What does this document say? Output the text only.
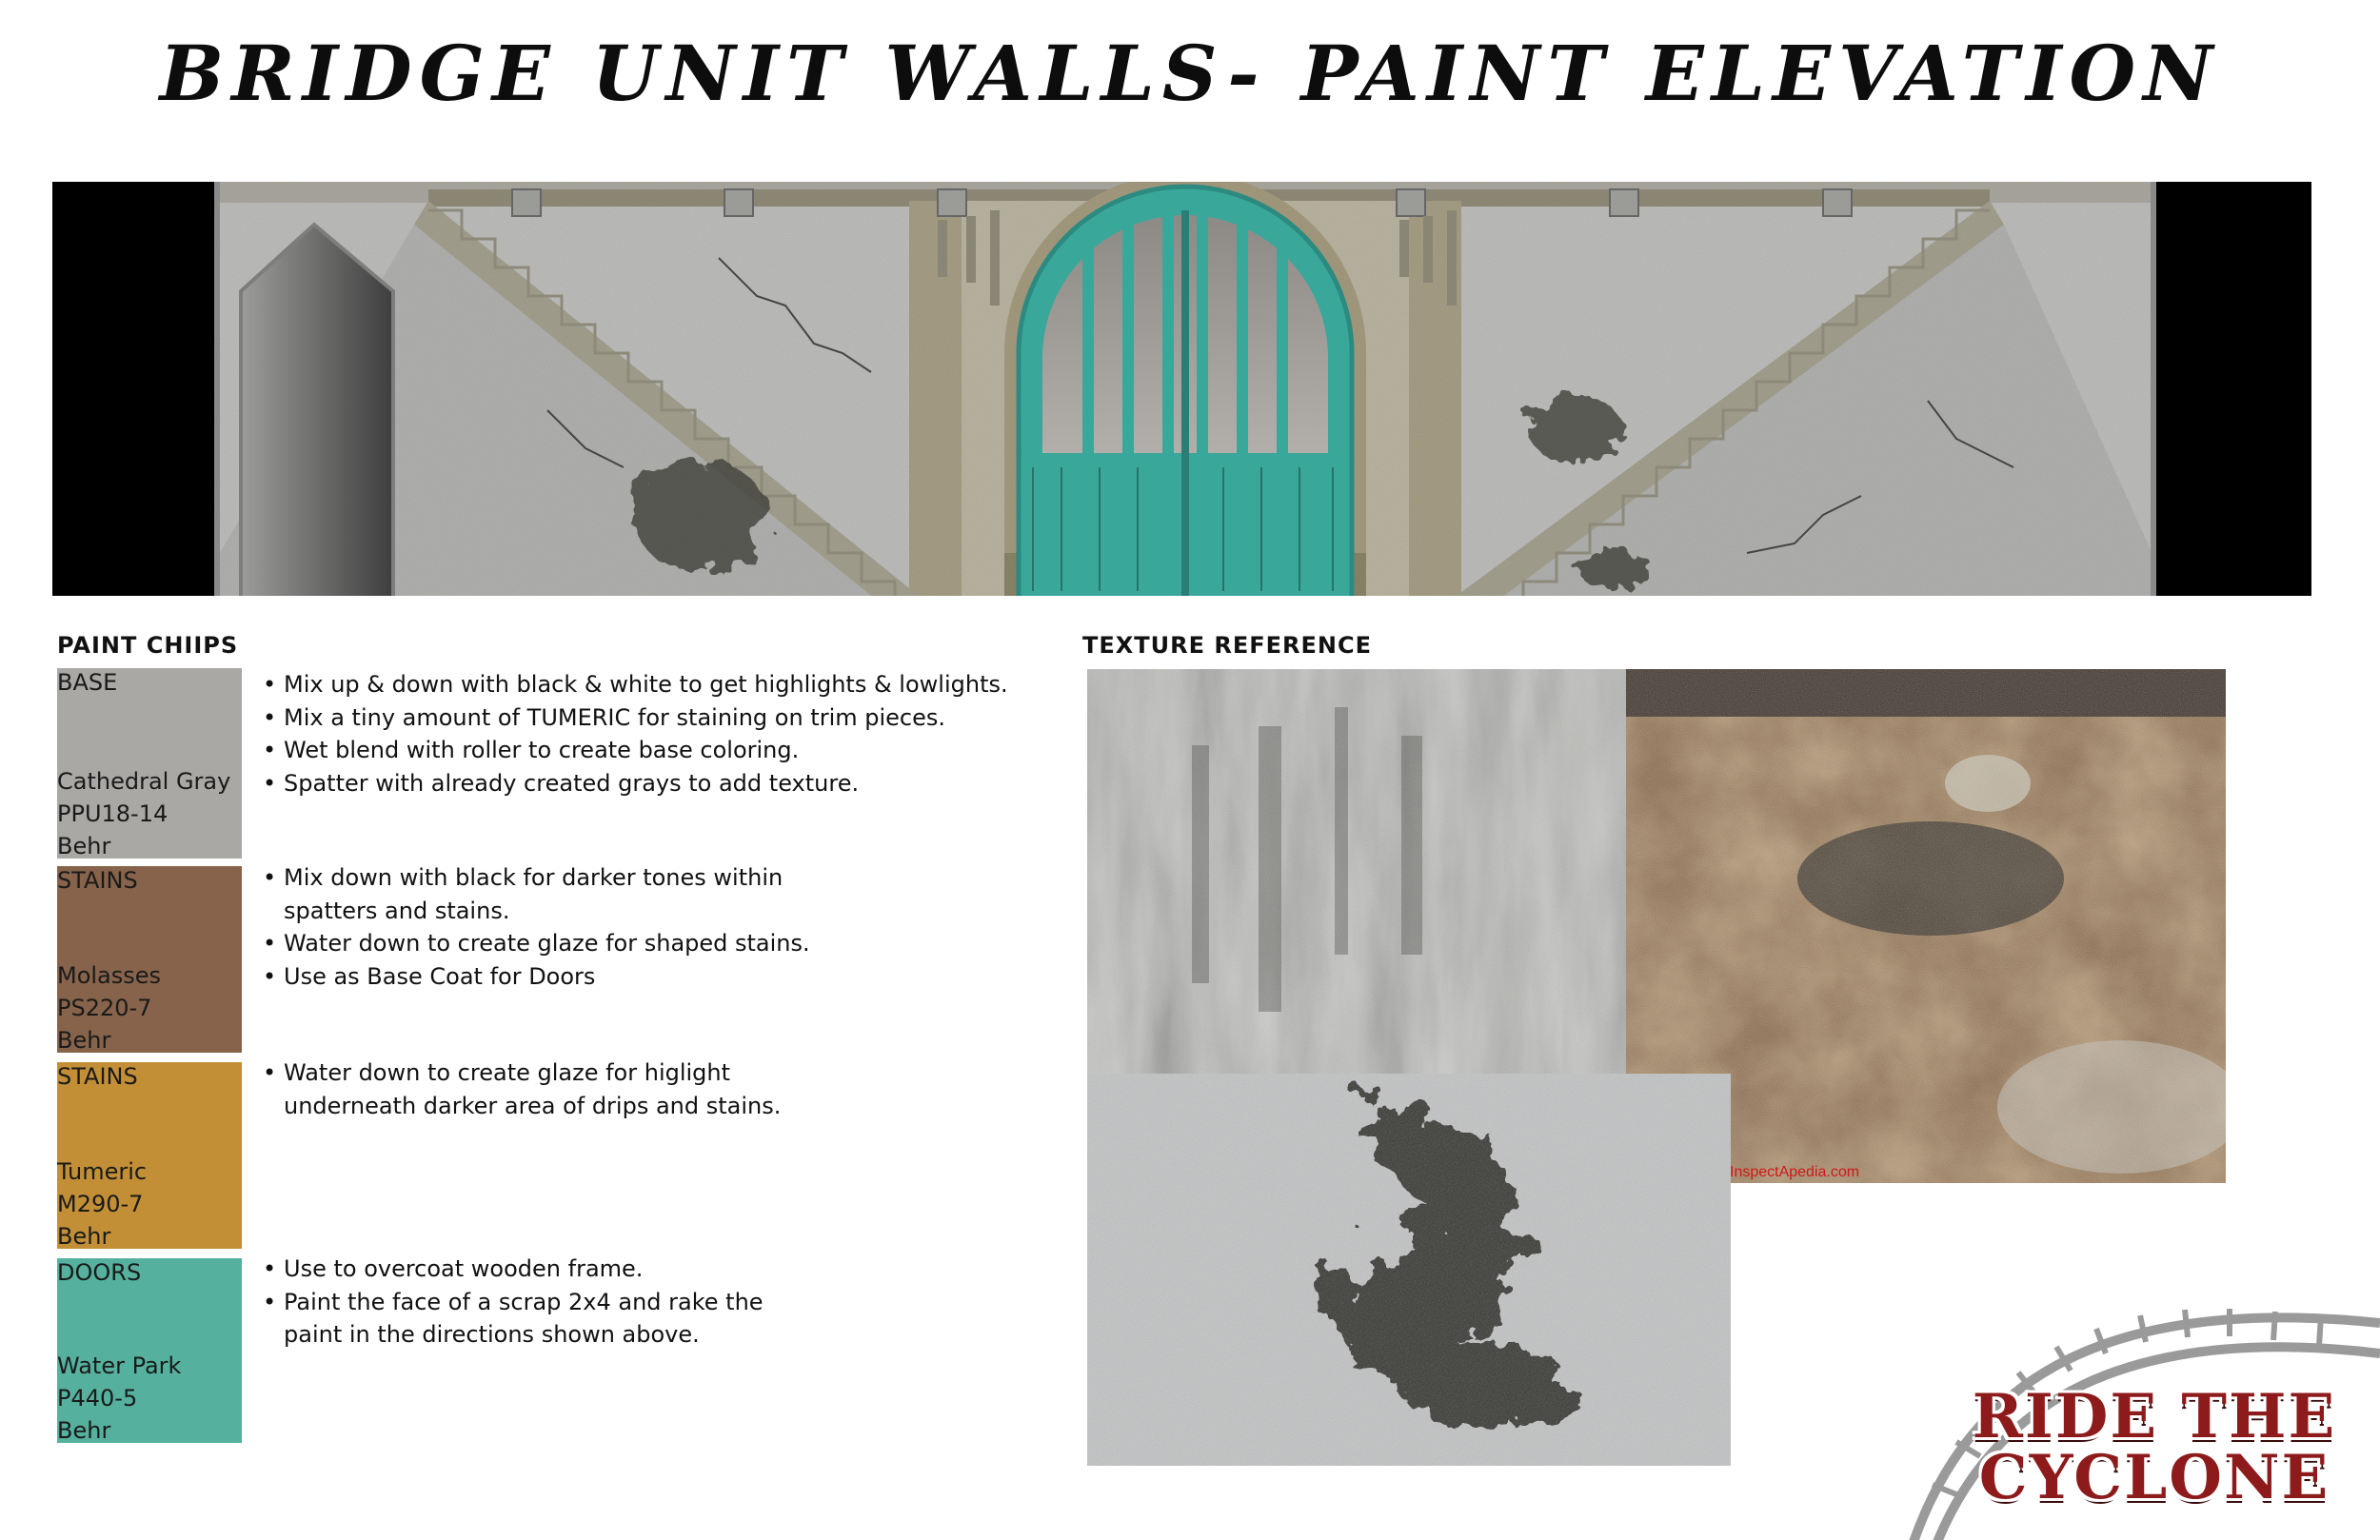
BRIDGE UNIT WALLS- PAINT ELEVATION
PAINT CHIIPS	TEXTURE REFERENCE
BASE
Cathedral Gray
PPU18-14
Behr
• Mix up & down with black & white to get highlights & lowlights.
• Mix a tiny amount of TUMERIC for staining on trim pieces.
• Wet blend with roller to create base coloring.
• Spatter with already created grays to add texture.
STAINS
Molasses
PS220-7
Behr
• Mix down with black for darker tones within
spatters and stains.
• Water down to create glaze for shaped stains.
• Use as Base Coat for Doors
STAINS
Tumeric
M290-7
Behr
• Water down to create glaze for higlight
underneath darker area of drips and stains.
DOORS
Water Park
P440-5
Behr
• Use to overcoat wooden frame.
• Paint the face of a scrap 2x4 and rake the
paint in the directions shown above.
InspectApedia.com
RIDE THE
CYCLONE
